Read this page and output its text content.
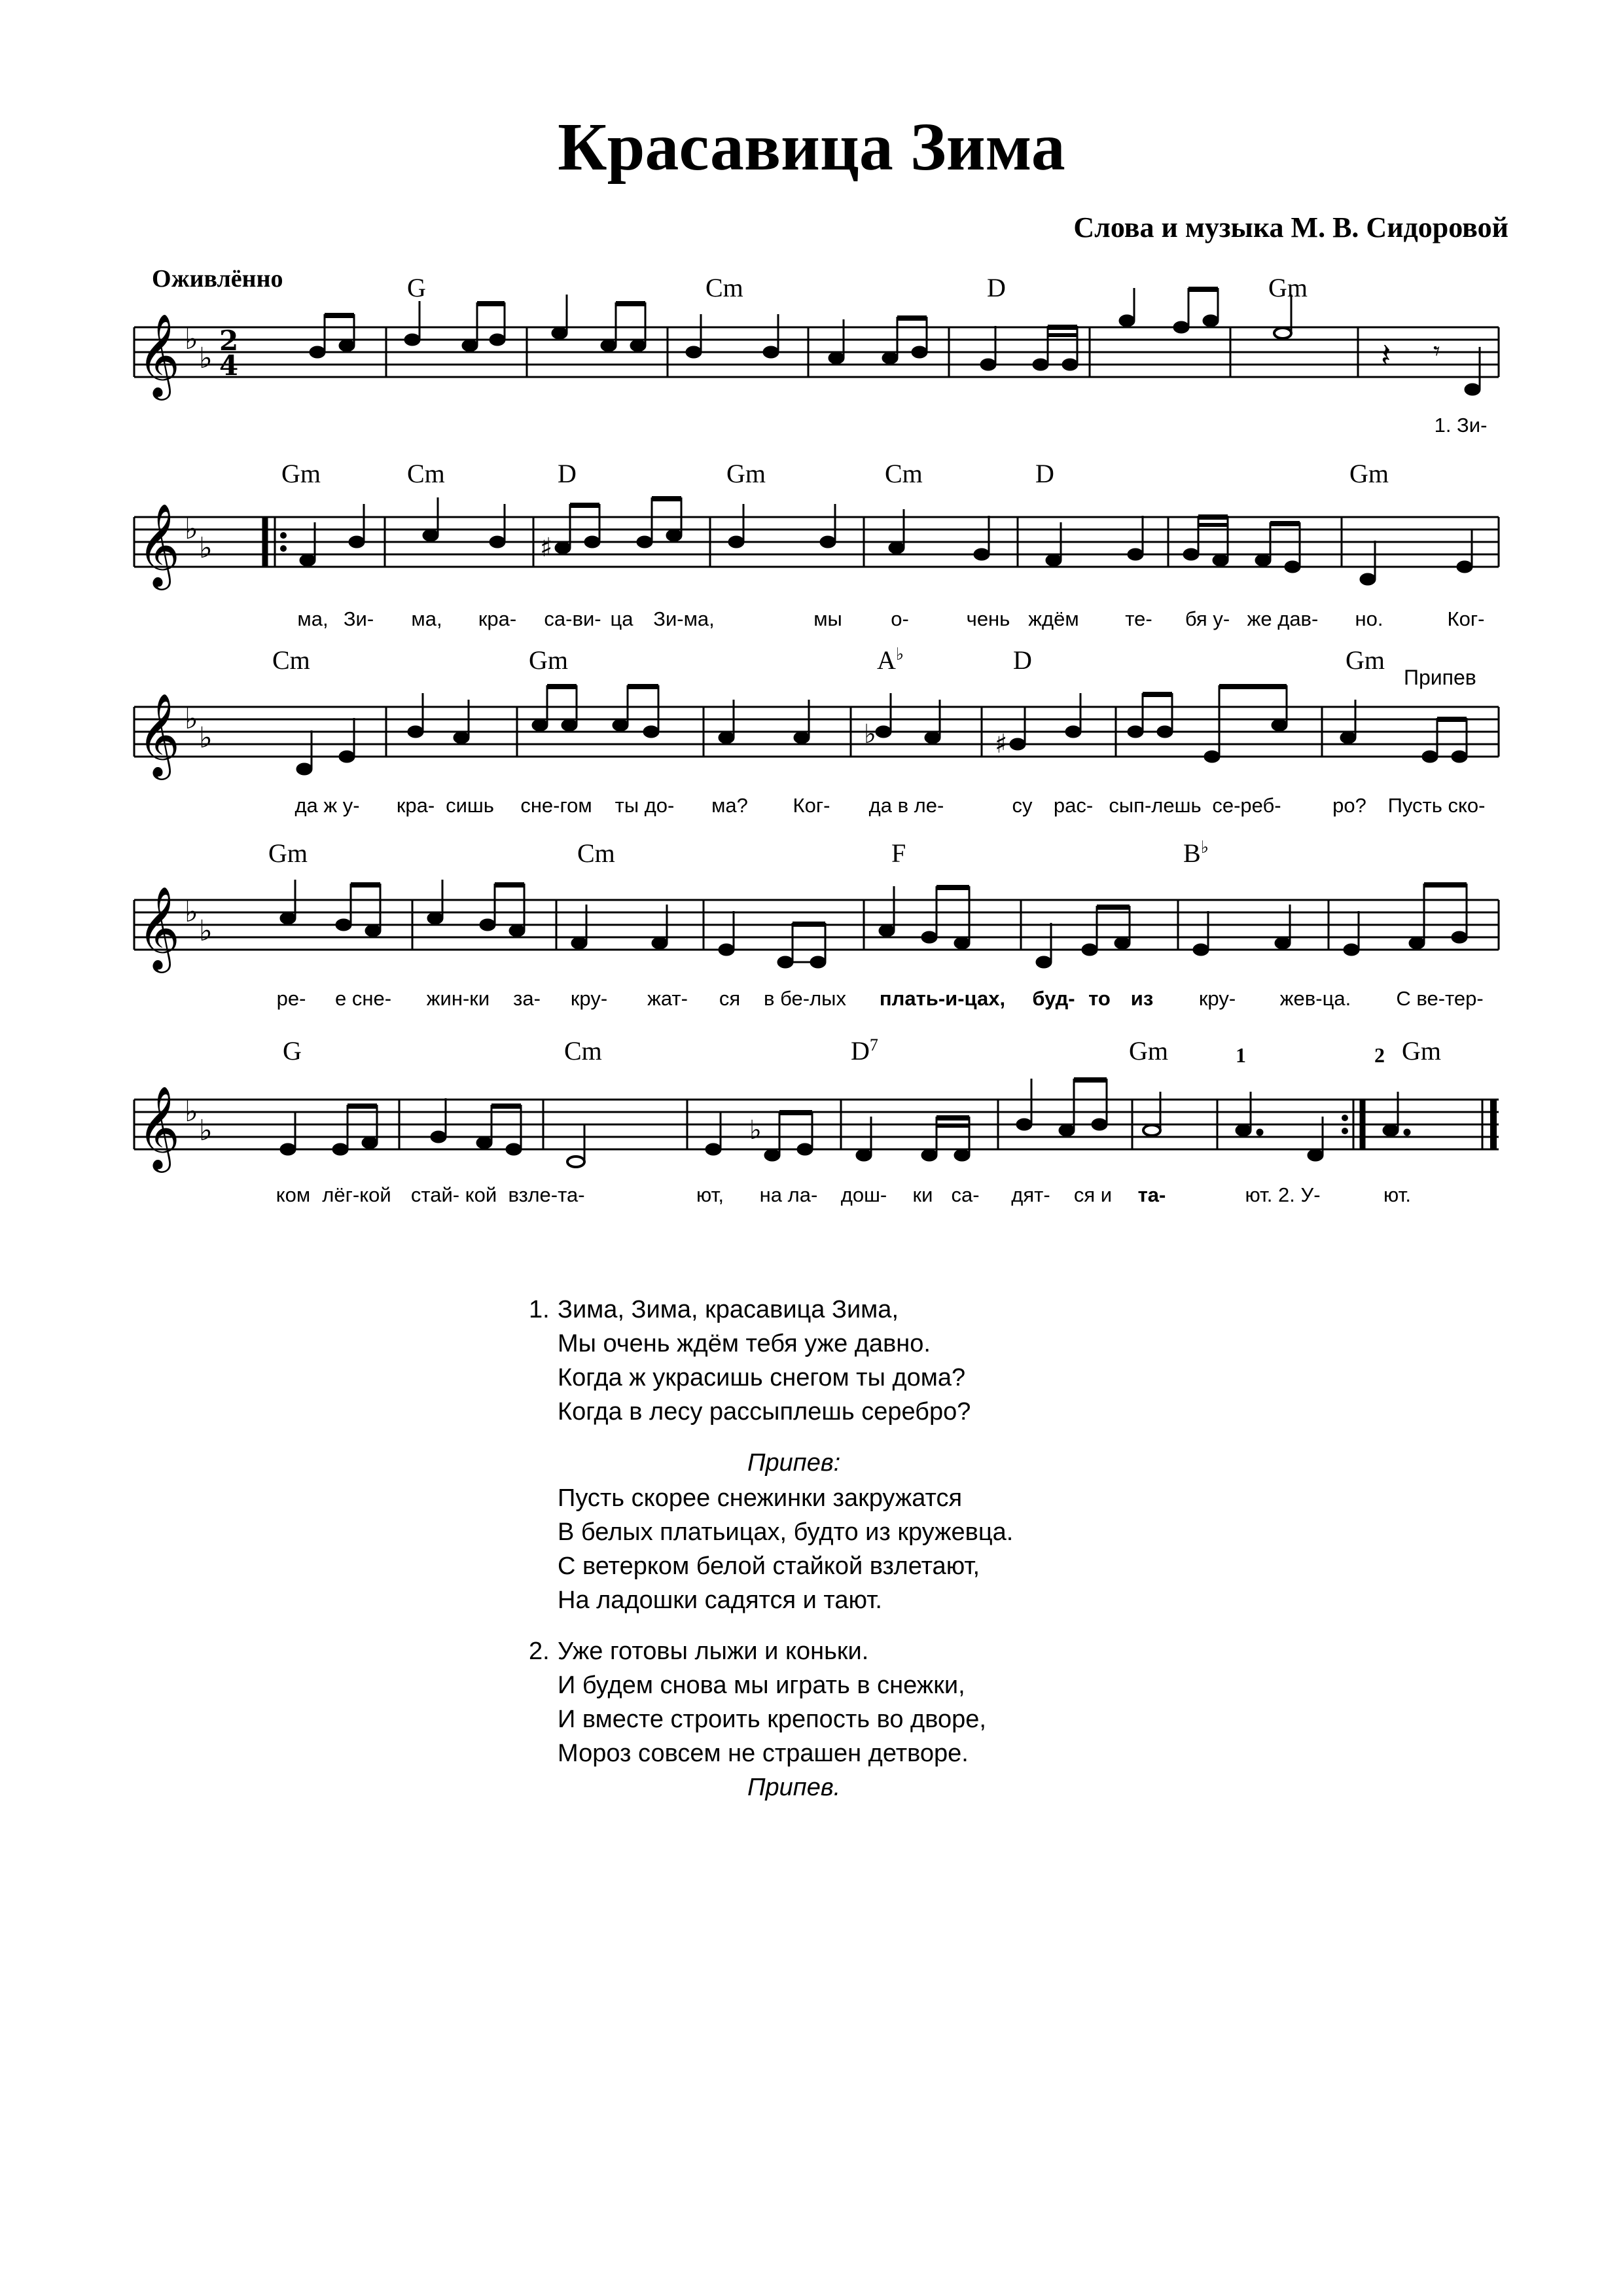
Красавица Зима
Слова и музыка М. В. Сидоровой
Оживлённо	G	Cm	D	Gm
𝄞 ♭
♭
2
4	𝄽 𝄾
1. Зи-
Gm	Cm	D	Gm	Cm	D	Gm
𝄞 ♭
♭	♯
ма, Зи- ма, кра- са-ви- ца Зи-ма,	мы о-	чень ждём те- бя у- же дав- но.	Ког-
Cm	Gm	A♭	D	Gm
Припев
𝄞 ♭
♭	♭	♯
да ж у- кра- сишь сне-гом ты до- ма? Ког- да в ле-	су рас- сып-лешь се-реб-	ро? Пусть ско-
Gm	Cm	F	B♭
𝄞 ♭
♭
ре- е сне- жин-ки за- кру- жат- ся в бе-лых плать-и-цах, буд- то из кру- жев-ца. С ве-тер-
G	Cm	$D^7$	Gm	Gm
1	2
𝄞 ♭
♭	♭
ком лёг-кой стай- кой взле-та-	ют, на ла- дош- ки са- дят- ся и та-	ют. 2. У-	ют.
1. Зима, Зима, красавица Зима,
Мы очень ждём тебя уже давно.
Когда ж украсишь снегом ты дома?
Когда в лесу рассыплешь серебро?
Припев:
Пусть скорее снежинки закружатся
В белых платьицах, будто из кружевца.
С ветерком белой стайкой взлетают,
На ладошки садятся и тают.
2. Уже готовы лыжи и коньки.
И будем снова мы играть в снежки,
И вместе строить крепость во дворе,
Мороз совсем не страшен детворе.
Припев.
